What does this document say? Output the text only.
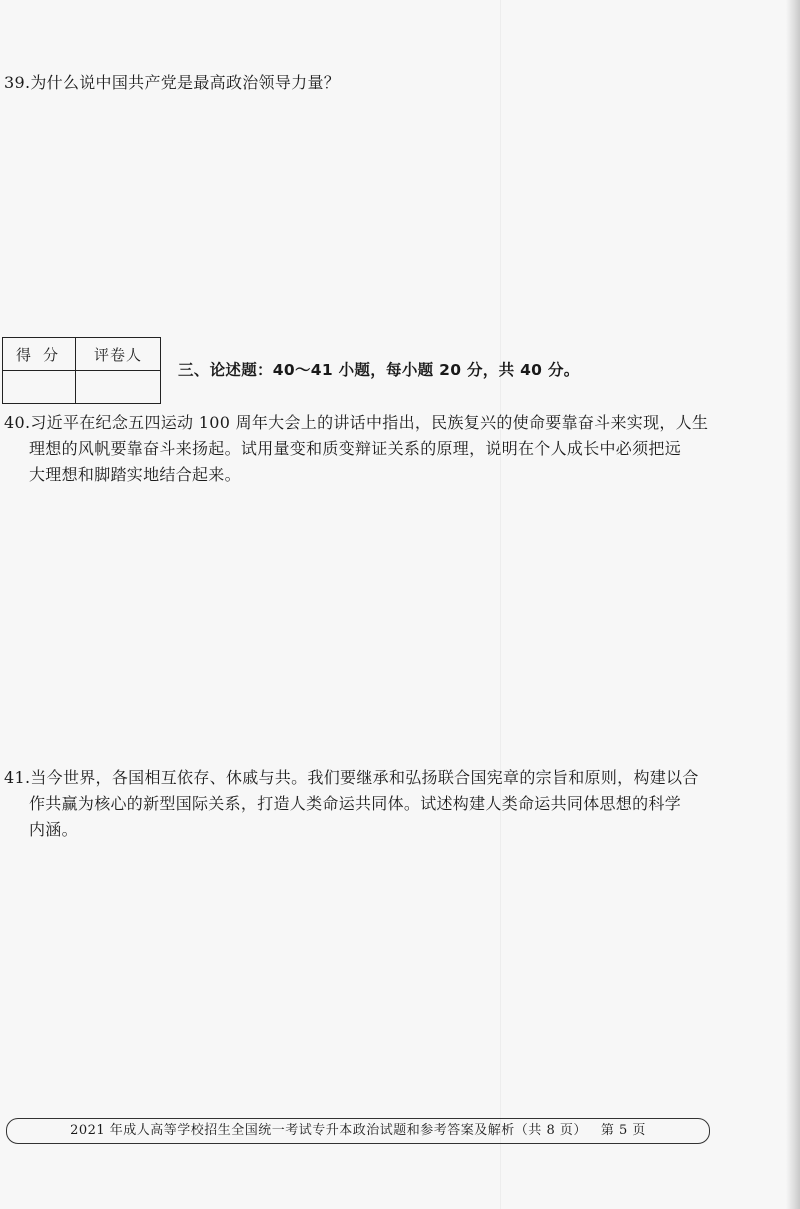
39.为什么说中国共产党是最高政治领导力量？
得分	评卷人

三、论述题：40～41 小题，每小题 20 分，共 40 分。
40.习近平在纪念五四运动 100 周年大会上的讲话中指出，民族复兴的使命要靠奋斗来实现，人生
理想的风帆要靠奋斗来扬起。试用量变和质变辩证关系的原理，说明在个人成长中必须把远
大理想和脚踏实地结合起来。
41.当今世界，各国相互依存、休戚与共。我们要继承和弘扬联合国宪章的宗旨和原则，构建以合
作共赢为核心的新型国际关系，打造人类命运共同体。试述构建人类命运共同体思想的科学
内涵。
2021 年成人高等学校招生全国统一考试专升本政治试题和参考答案及解析（共 8 页） 第 5 页
